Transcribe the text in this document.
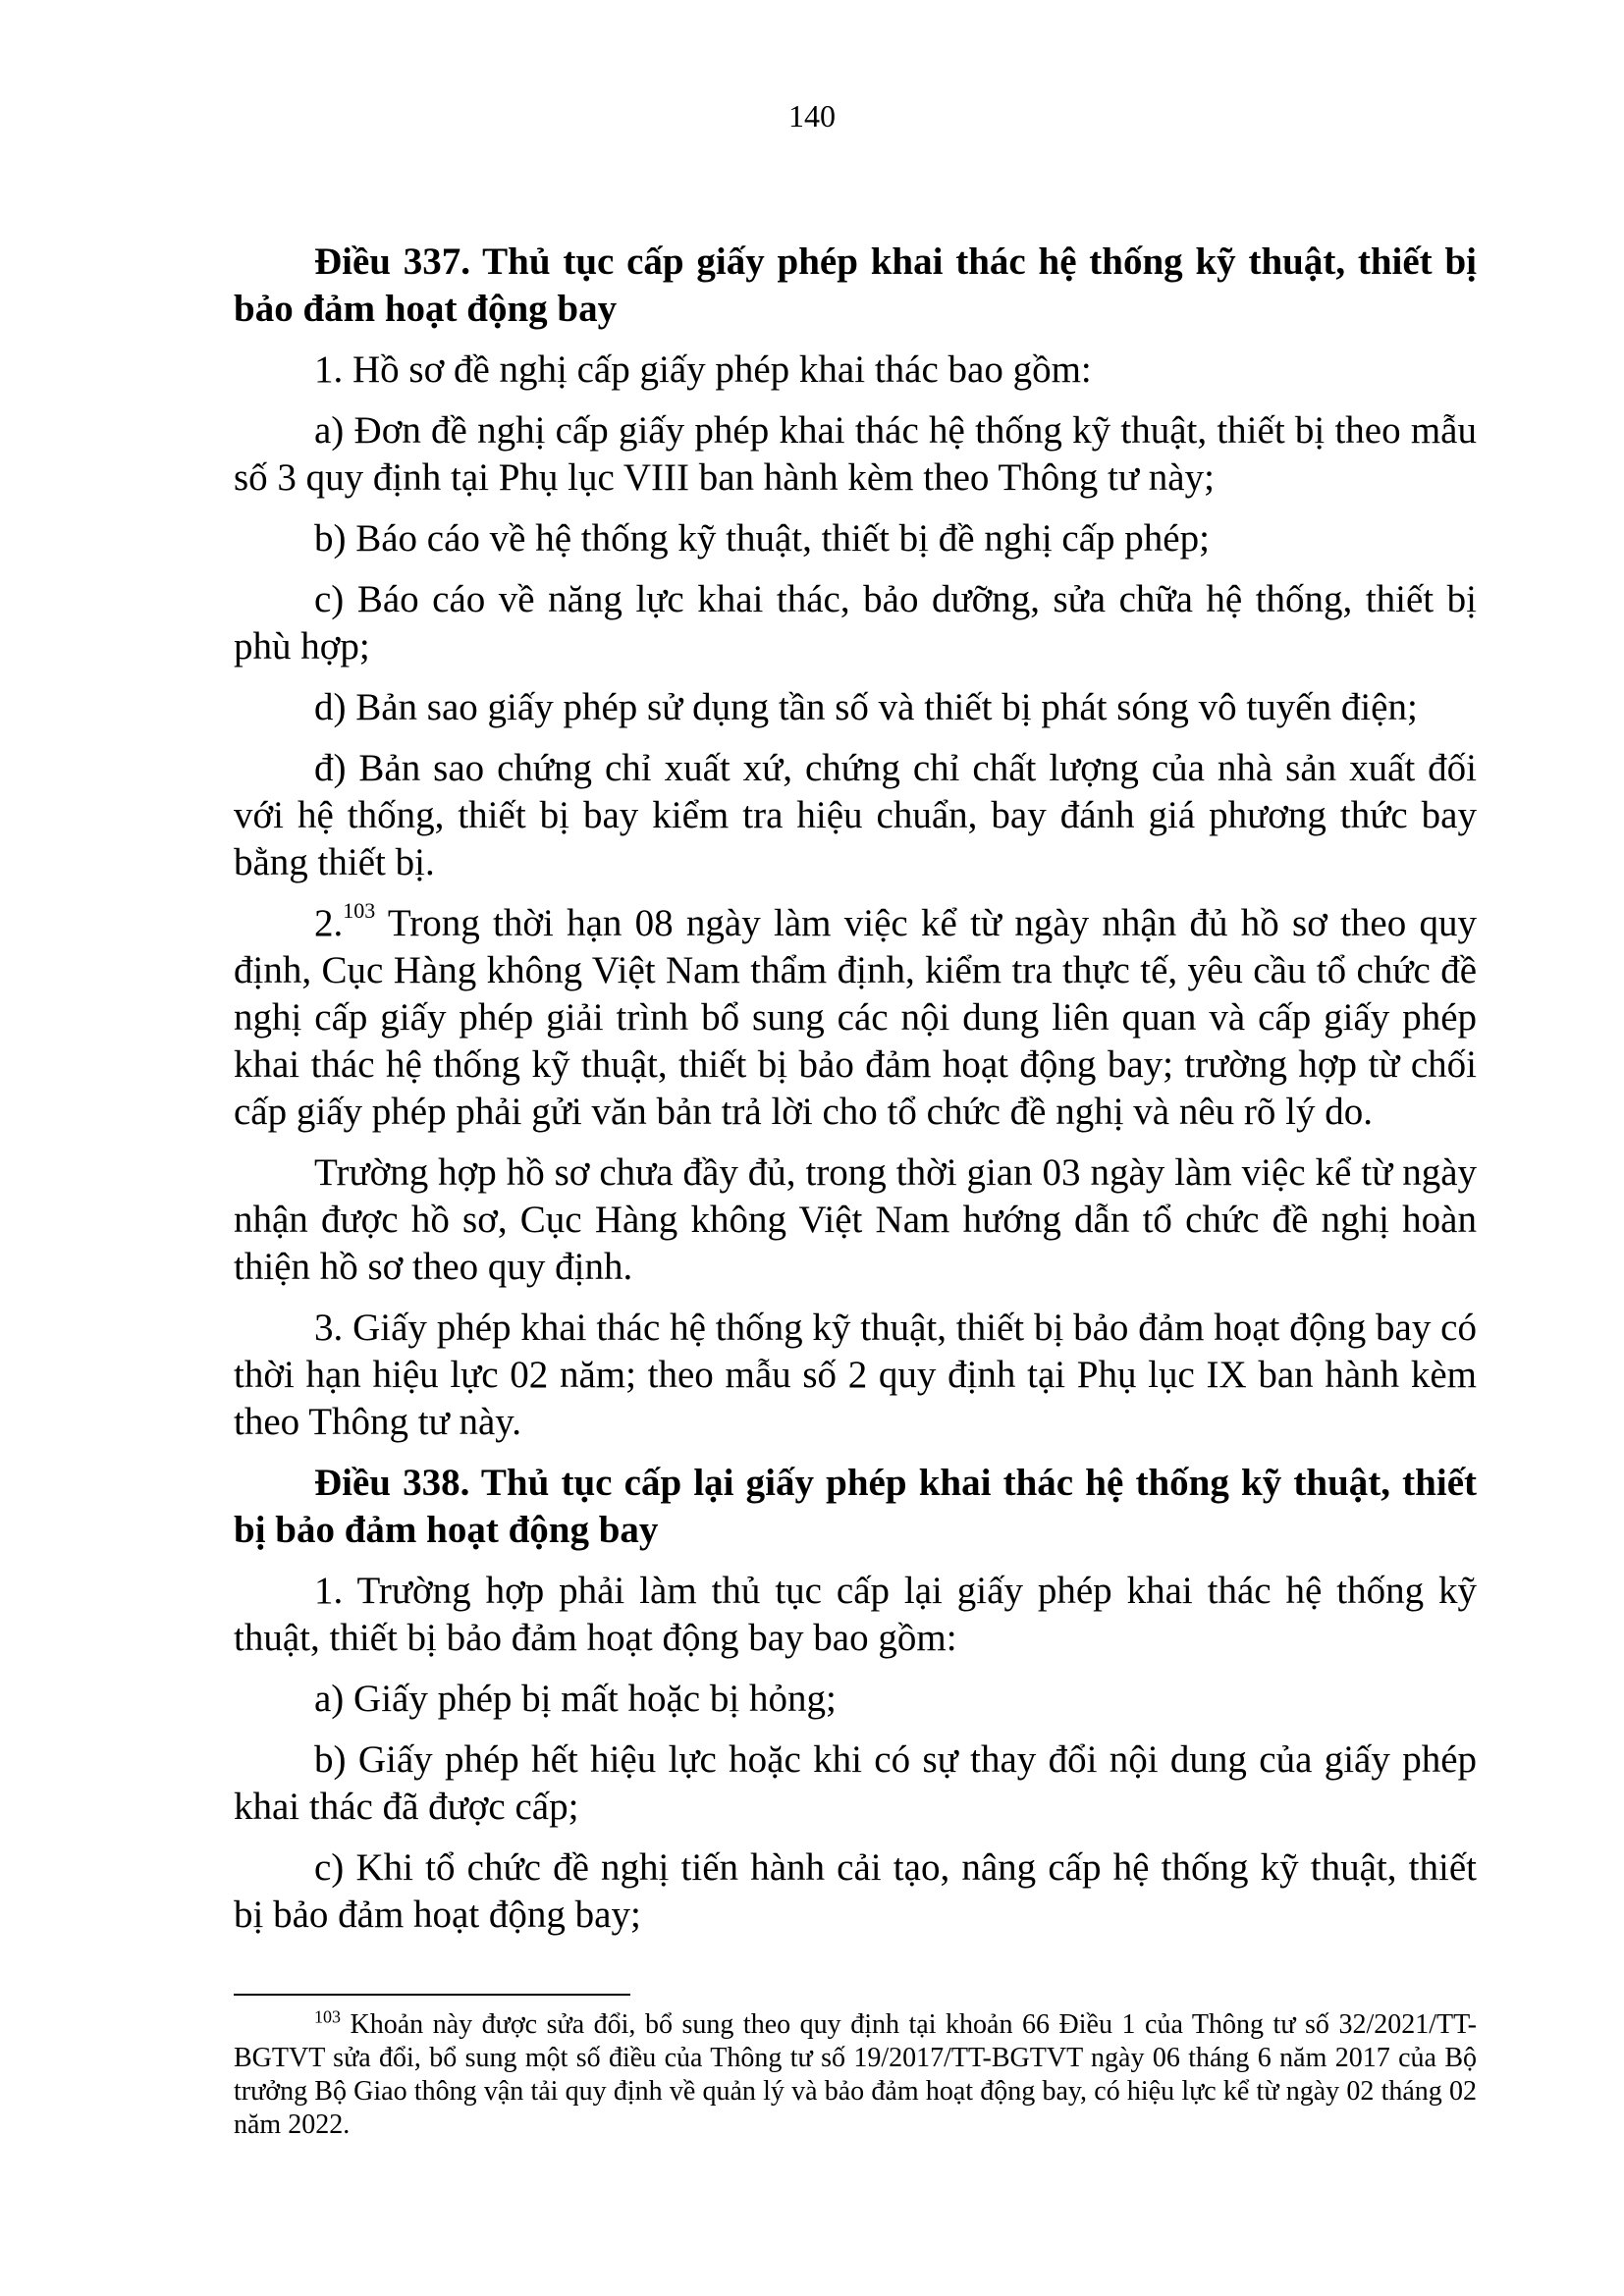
140
Điều 337. Thủ tục cấp giấy phép khai thác hệ thống kỹ thuật, thiết bị bảo đảm hoạt động bay
1. Hồ sơ đề nghị cấp giấy phép khai thác bao gồm:
a) Đơn đề nghị cấp giấy phép khai thác hệ thống kỹ thuật, thiết bị theo mẫu số 3 quy định tại Phụ lục VIII ban hành kèm theo Thông tư này;
b) Báo cáo về hệ thống kỹ thuật, thiết bị đề nghị cấp phép;
c) Báo cáo về năng lực khai thác, bảo dưỡng, sửa chữa hệ thống, thiết bị phù hợp;
d) Bản sao giấy phép sử dụng tần số và thiết bị phát sóng vô tuyến điện;
đ) Bản sao chứng chỉ xuất xứ, chứng chỉ chất lượng của nhà sản xuất đối với hệ thống, thiết bị bay kiểm tra hiệu chuẩn, bay đánh giá phương thức bay bằng thiết bị.
2.$^{103}$ Trong thời hạn 08 ngày làm việc kể từ ngày nhận đủ hồ sơ theo quy định, Cục Hàng không Việt Nam thẩm định, kiểm tra thực tế, yêu cầu tổ chức đề nghị cấp giấy phép giải trình bổ sung các nội dung liên quan và cấp giấy phép khai thác hệ thống kỹ thuật, thiết bị bảo đảm hoạt động bay; trường hợp từ chối cấp giấy phép phải gửi văn bản trả lời cho tổ chức đề nghị và nêu rõ lý do.
Trường hợp hồ sơ chưa đầy đủ, trong thời gian 03 ngày làm việc kể từ ngày nhận được hồ sơ, Cục Hàng không Việt Nam hướng dẫn tổ chức đề nghị hoàn thiện hồ sơ theo quy định.
3. Giấy phép khai thác hệ thống kỹ thuật, thiết bị bảo đảm hoạt động bay có thời hạn hiệu lực 02 năm; theo mẫu số 2 quy định tại Phụ lục IX ban hành kèm theo Thông tư này.
Điều 338. Thủ tục cấp lại giấy phép khai thác hệ thống kỹ thuật, thiết bị bảo đảm hoạt động bay
1. Trường hợp phải làm thủ tục cấp lại giấy phép khai thác hệ thống kỹ thuật, thiết bị bảo đảm hoạt động bay bao gồm:
a) Giấy phép bị mất hoặc bị hỏng;
b) Giấy phép hết hiệu lực hoặc khi có sự thay đổi nội dung của giấy phép khai thác đã được cấp;
c) Khi tổ chức đề nghị tiến hành cải tạo, nâng cấp hệ thống kỹ thuật, thiết bị bảo đảm hoạt động bay;
$^{103}$ Khoản này được sửa đổi, bổ sung theo quy định tại khoản 66 Điều 1 của Thông tư số 32/2021/TT-BGTVT sửa đổi, bổ sung một số điều của Thông tư số 19/2017/TT-BGTVT ngày 06 tháng 6 năm 2017 của Bộ trưởng Bộ Giao thông vận tải quy định về quản lý và bảo đảm hoạt động bay, có hiệu lực kể từ ngày 02 tháng 02 năm 2022.
